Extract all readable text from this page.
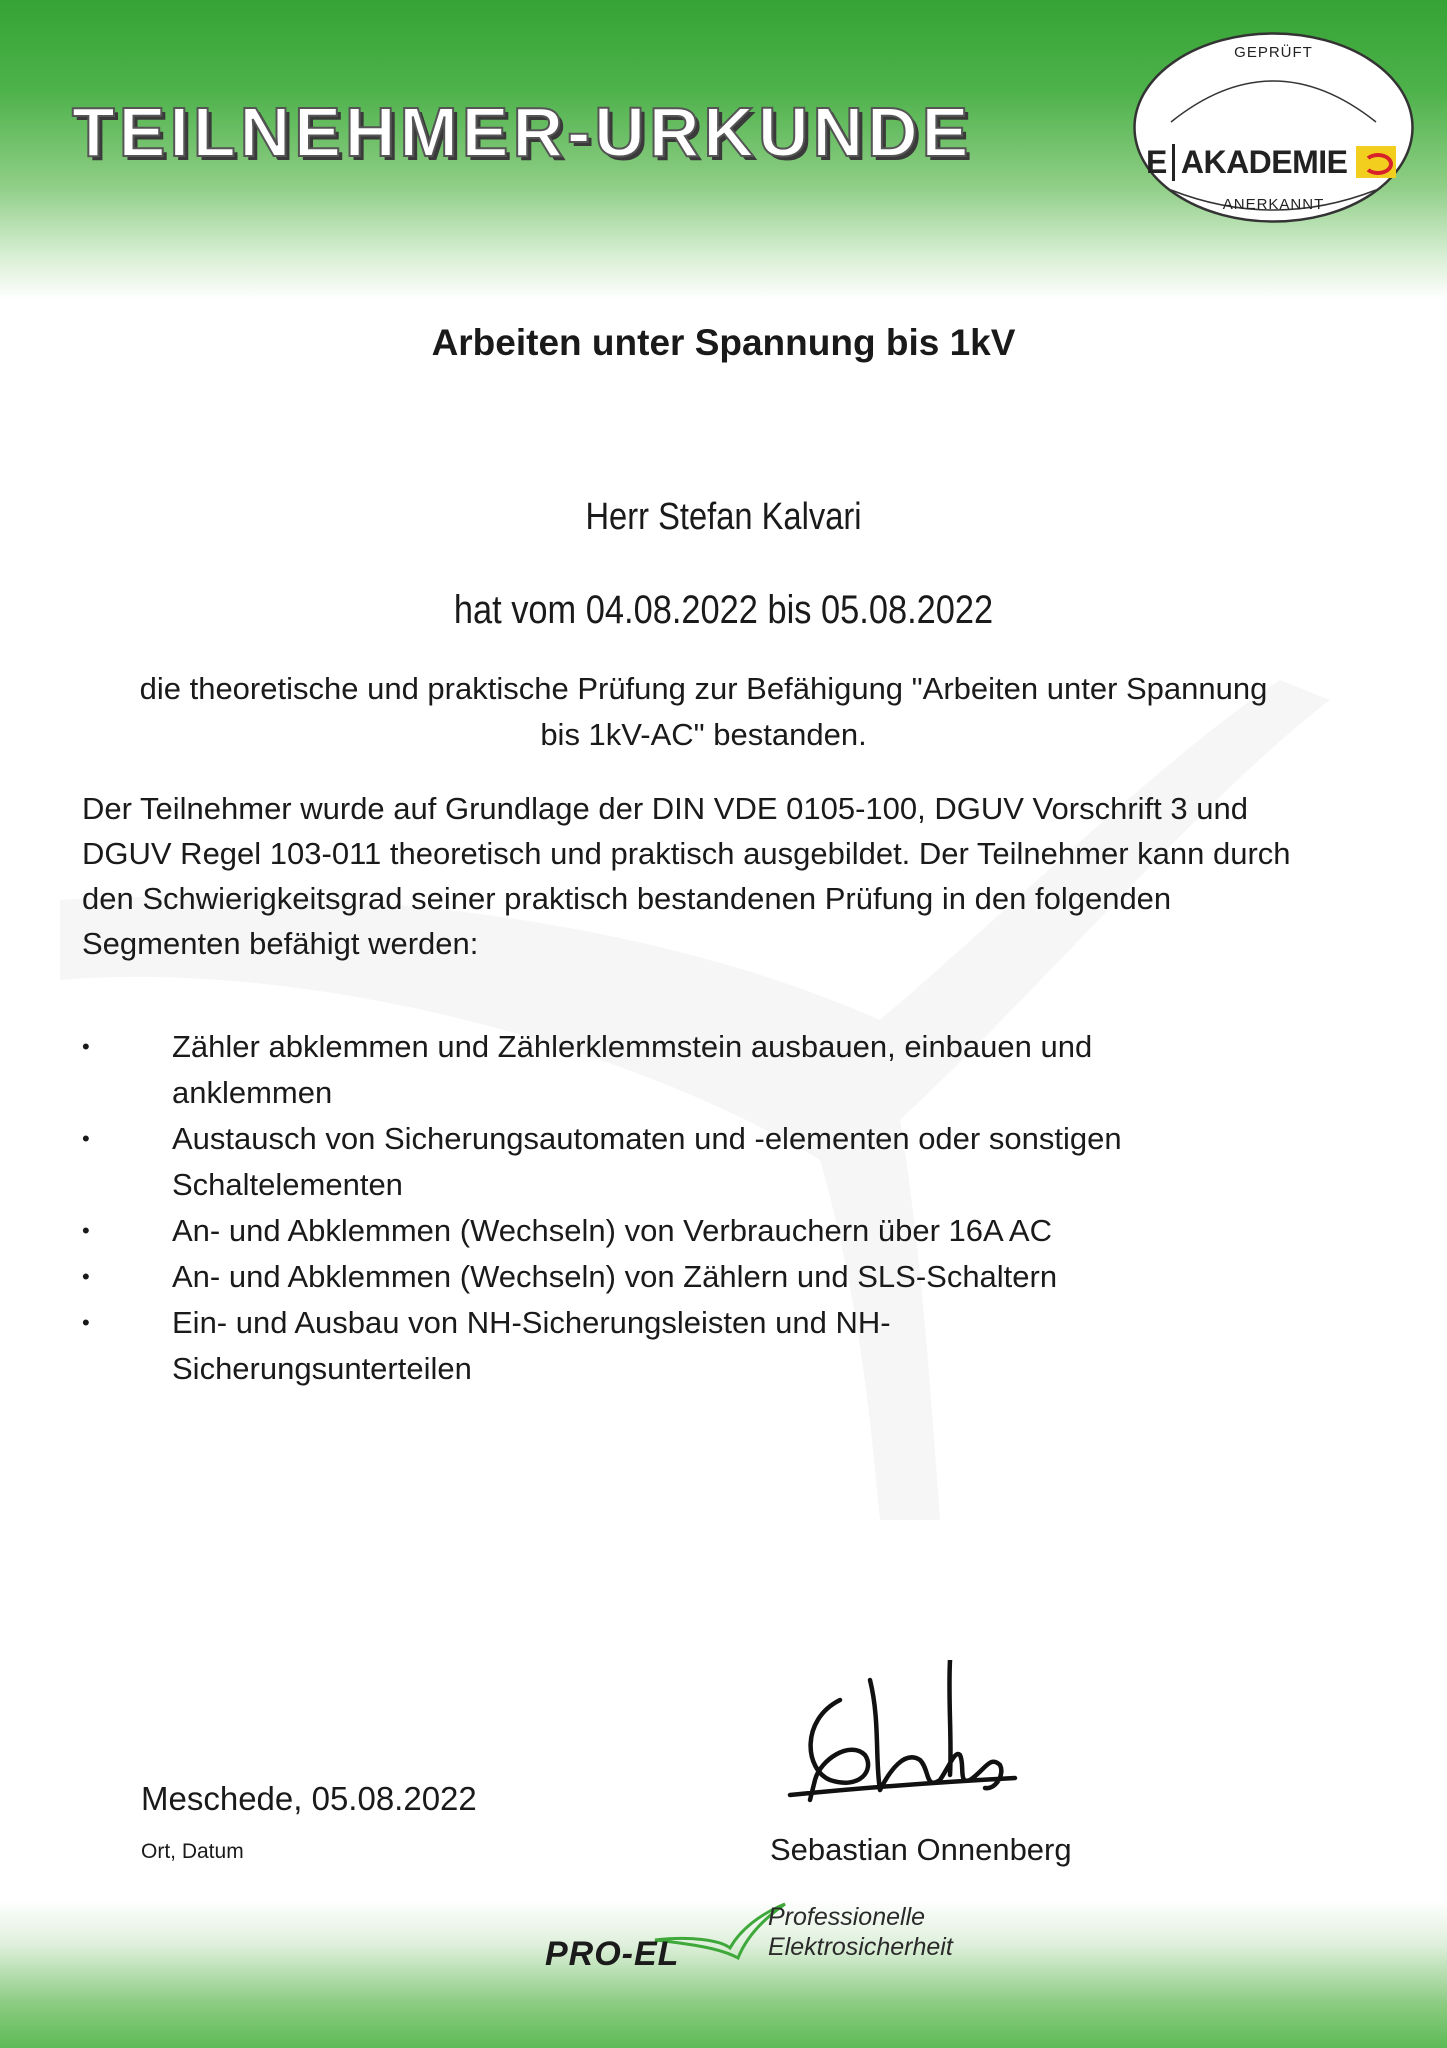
TEILNEHMER-URKUNDE
GEPRÜFT
E AKADEMIE
ANERKANNT
Arbeiten unter Spannung bis 1kV
Herr Stefan Kalvari
hat vom 04.08.2022 bis 05.08.2022
die theoretische und praktische Prüfung zur Befähigung "Arbeiten unter Spannung bis 1kV-AC" bestanden.
Der Teilnehmer wurde auf Grundlage der DIN VDE 0105-100, DGUV Vorschrift 3 und DGUV Regel 103-011 theoretisch und praktisch ausgebildet. Der Teilnehmer kann durch den Schwierigkeitsgrad seiner praktisch bestandenen Prüfung in den folgenden Segmenten befähigt werden:
•	Zähler abklemmen und Zählerklemmstein ausbauen, einbauen und anklemmen
•	Austausch von Sicherungsautomaten und -elementen oder sonstigen Schaltelementen
•	An- und Abklemmen (Wechseln) von Verbrauchern über 16A AC
•	An- und Abklemmen (Wechseln) von Zählern und SLS-Schaltern
•	Ein- und Ausbau von NH-Sicherungsleisten und NH-Sicherungsunterteilen
Meschede, 05.08.2022
Ort, Datum	Sebastian Onnenberg
PRO-EL
Professionelle
Elektrosicherheit
